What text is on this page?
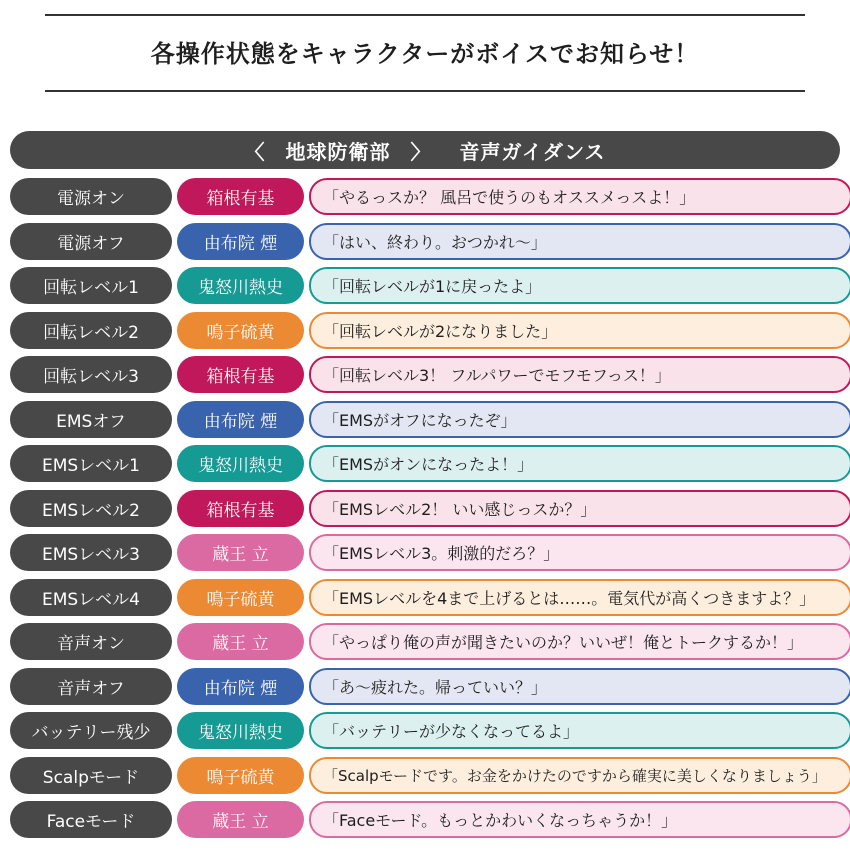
各操作状態をキャラクターがボイスでお知らせ！
〈 地球防衛部 〉 音声ガイダンス
電源オン	箱根有基	「やるっスか？ 風呂で使うのもオススメっスよ！」
電源オフ	由布院 煙	「はい、終わり。おつかれ～」
回転レベル1	鬼怒川熱史	「回転レベルが1に戻ったよ」
回転レベル2	鳴子硫黄	「回転レベルが2になりました」
回転レベル3	箱根有基	「回転レベル3！ フルパワーでモフモフっス！」
EMSオフ	由布院 煙	「EMSがオフになったぞ」
EMSレベル1	鬼怒川熱史	「EMSがオンになったよ！」
EMSレベル2	箱根有基	「EMSレベル2！ いい感じっスか？」
EMSレベル3	蔵王 立	「EMSレベル3。刺激的だろ？」
EMSレベル4	鳴子硫黄	「EMSレベルを4まで上げるとは……。電気代が高くつきますよ？」
音声オン	蔵王 立	「やっぱり俺の声が聞きたいのか？いいぜ！俺とトークするか！」
音声オフ	由布院 煙	「あ～疲れた。帰っていい？」
バッテリー残少	鬼怒川熱史	「バッテリーが少なくなってるよ」
Scalpモード	鳴子硫黄	「Scalpモードです。お金をかけたのですから確実に美しくなりましょう」
Faceモード	蔵王 立	「Faceモード。もっとかわいくなっちゃうか！」
